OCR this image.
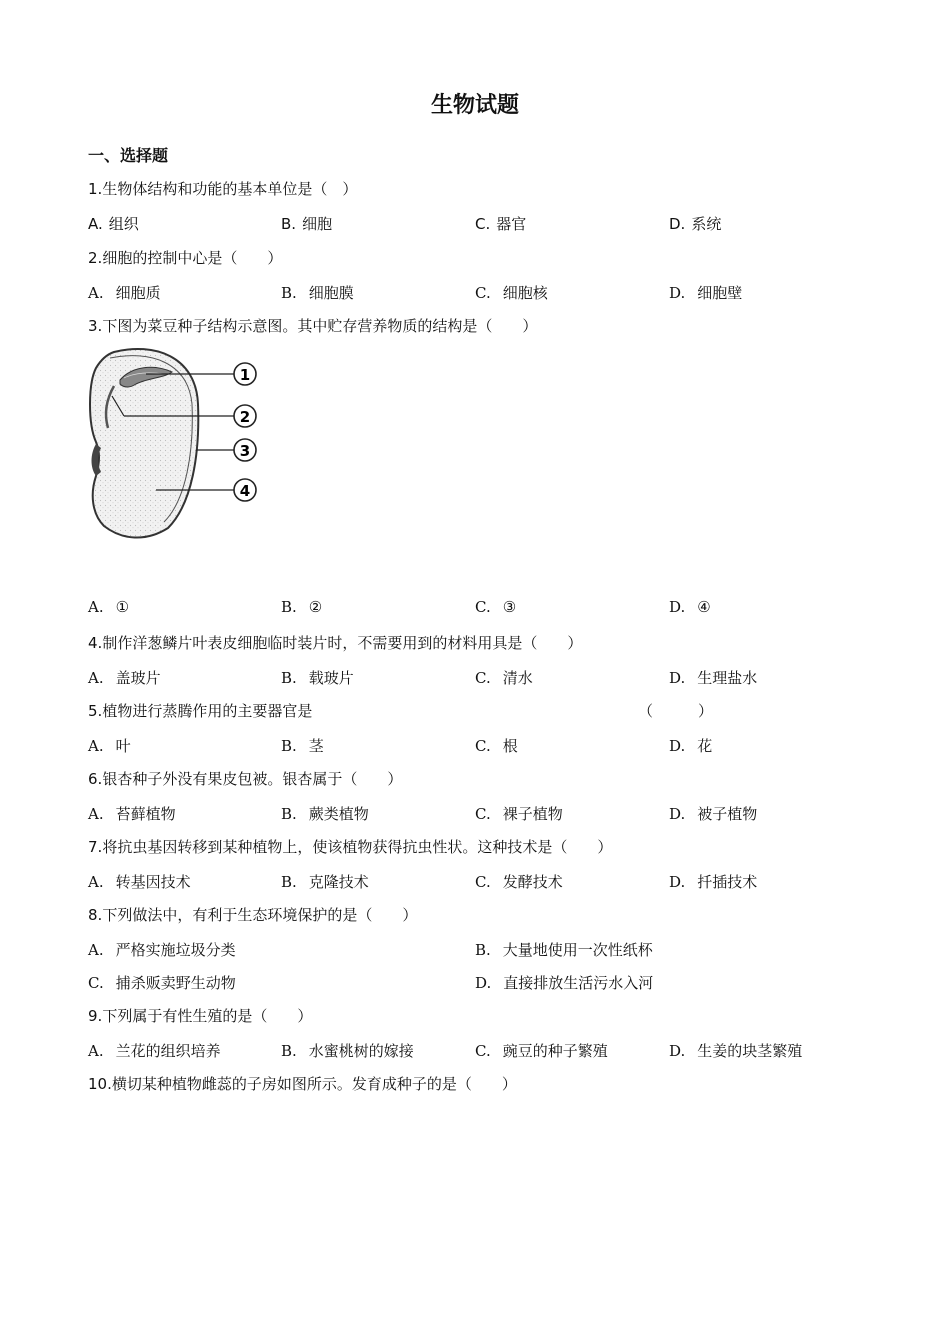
生物试题
一、选择题
1.生物体结构和功能的基本单位是（　）
A. 组织	B. 细胞	C. 器官	D. 系统
2.细胞的控制中心是（　　）
A. 细胞质	B. 细胞膜	C. 细胞核	D. 细胞壁
3.下图为菜豆种子结构示意图。其中贮存营养物质的结构是（　　）
1
2
3
4
A. ①	B. ②	C. ③	D. ④
4.制作洋葱鳞片叶表皮细胞临时装片时，不需要用到的材料用具是（　　）
A. 盖玻片	B. 载玻片	C. 清水	D. 生理盐水
5.植物进行蒸腾作用的主要器官是	（　　　）
A. 叶	B. 茎	C. 根	D. 花
6.银杏种子外没有果皮包被。银杏属于（　　）
A. 苔藓植物	B. 蕨类植物	C. 裸子植物	D. 被子植物
7.将抗虫基因转移到某种植物上，使该植物获得抗虫性状。这种技术是（　　）
A. 转基因技术	B. 克隆技术	C. 发酵技术	D. 扦插技术
8.下列做法中，有利于生态环境保护的是（　　）
A. 严格实施垃圾分类	B. 大量地使用一次性纸杯
C. 捕杀贩卖野生动物	D. 直接排放生活污水入河
9.下列属于有性生殖的是（　　）
A. 兰花的组织培养	B. 水蜜桃树的嫁接	C. 豌豆的种子繁殖	D. 生姜的块茎繁殖
10.横切某种植物雌蕊的子房如图所示。发育成种子的是（　　）
